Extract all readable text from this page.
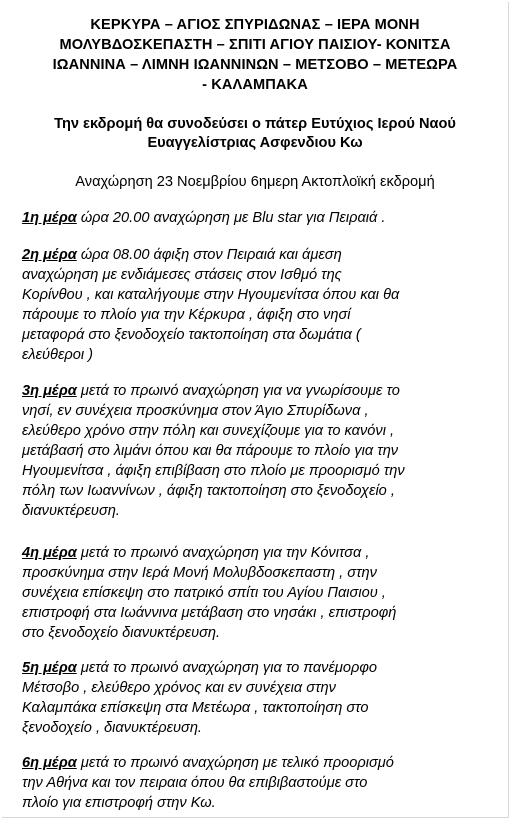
ΚΕΡΚΥΡΑ – ΑΓΙΟΣ ΣΠΥΡΙΔΩΝΑΣ – ΙΕΡΑ ΜΟΝΗ
ΜΟΛΥΒΔΟΣΚΕΠΑΣΤΗ – ΣΠΙΤΙ ΑΓΙΟΥ ΠΑΙΣΙΟΥ- ΚΟΝΙΤΣΑ
ΙΩΑΝΝΙΝΑ – ΛΙΜΝΗ ΙΩΑΝΝΙΝΩΝ – ΜΕΤΣΟΒΟ – ΜΕΤΕΩΡΑ
- ΚΑΛΑΜΠΑΚΑ
Την εκδρομή θα συνοδεύσει ο πάτερ Ευτύχιος Ιερού Ναού
Ευαγγελίστριας Ασφενδιου Κω
Αναχώρηση 23 Νοεμβρίου 6ημερη Ακτοπλοϊκή εκδρομή
1η μέρα ώρα 20.00 αναχώρηση με Blu star για Πειραιά .
2η μέρα ώρα 08.00 άφιξη στον Πειραιά και άμεση
αναχώρηση με ενδιάμεσες στάσεις στον Ισθμό της
Κορίνθου , και καταλήγουμε στην Ηγουμενίτσα όπου και θα
πάρουμε το πλοίο για την Κέρκυρα , άφιξη στο νησί
μεταφορά στο ξενοδοχείο τακτοποίηση στα δωμάτια (
ελεύθεροι )
3η μέρα μετά το πρωινό αναχώρηση για να γνωρίσουμε το
νησί, εν συνέχεια προσκύνημα στον Άγιο Σπυρίδωνα ,
ελεύθερο χρόνο στην πόλη και συνεχίζουμε για το κανόνι ,
μετάβασή στο λιμάνι όπου και θα πάρουμε το πλοίο για την
Ηγουμενίτσα , άφιξη επιβίβαση στο πλοίο με προορισμό την
πόλη των Ιωαννίνων , άφιξη τακτοποίηση στο ξενοδοχείο ,
διανυκτέρευση.
4η μέρα μετά το πρωινό αναχώρηση για την Κόνιτσα ,
προσκύνημα στην Ιερά Μονή Μολυβδοσκεπαστη , στην
συνέχεια επίσκεψη στο πατρικό σπίτι του Αγίου Παισιου ,
επιστροφή στα Ιωάννινα μετάβαση στο νησάκι , επιστροφή
στο ξενοδοχείο διανυκτέρευση.
5η μέρα μετά το πρωινό αναχώρηση για το πανέμορφο
Μέτσοβο , ελεύθερο χρόνος και εν συνέχεια στην
Καλαμπάκα επίσκεψη στα Μετέωρα , τακτοποίηση στο
ξενοδοχείο , διανυκτέρευση.
6η μέρα μετά το πρωινό αναχώρηση με τελικό προορισμό
την Αθήνα και τον πειραια όπου θα επιβιβαστούμε στο
πλοίο για επιστροφή στην Κω.
